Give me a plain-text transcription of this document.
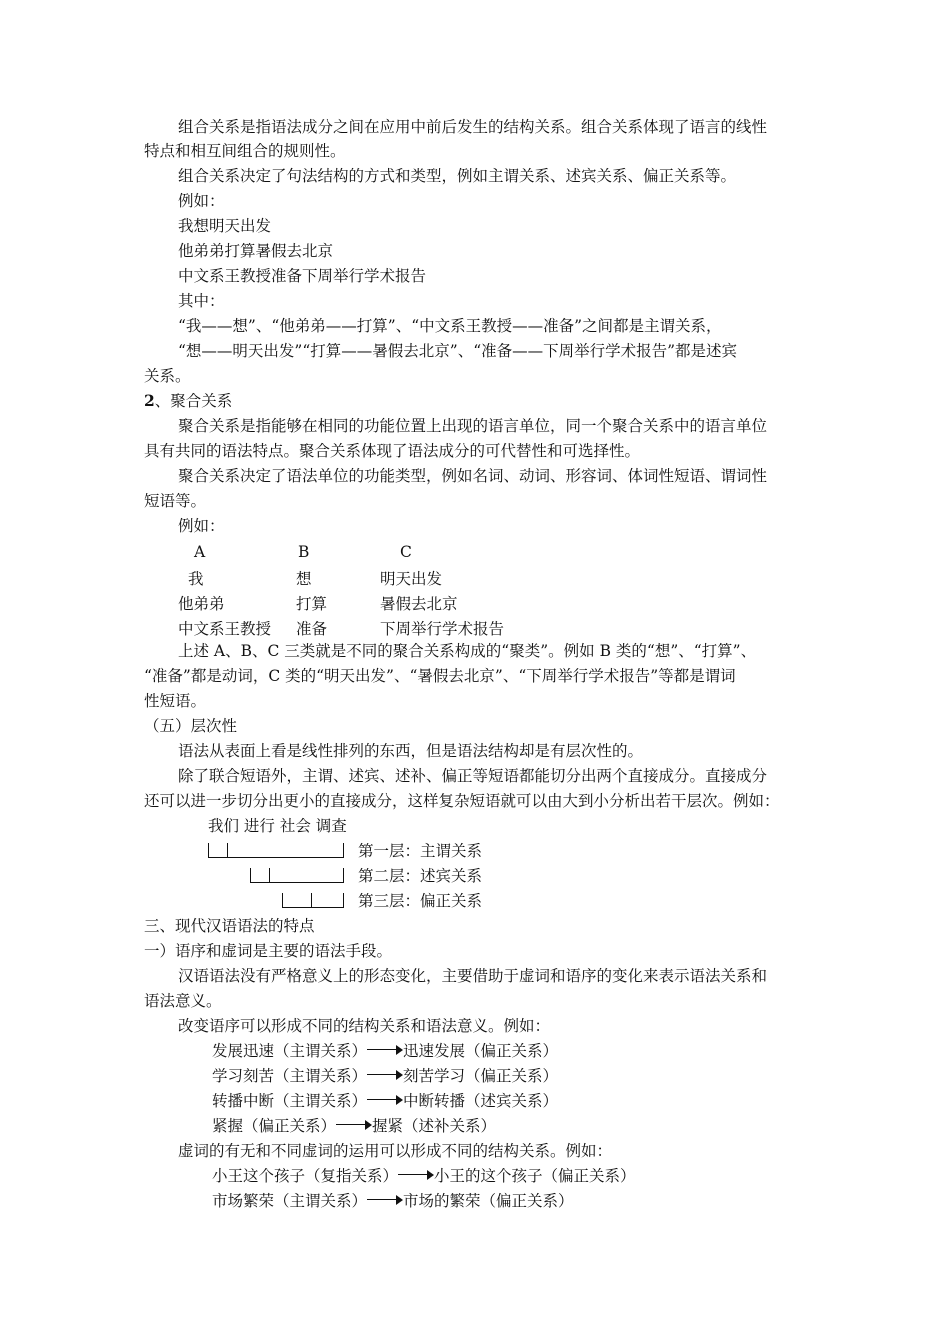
组合关系是指语法成分之间在应用中前后发生的结构关系。组合关系体现了语言的线性
特点和相互间组合的规则性。
组合关系决定了句法结构的方式和类型，例如主谓关系、述宾关系、偏正关系等。
例如：
我想明天出发
他弟弟打算暑假去北京
中文系王教授准备下周举行学术报告
其中：
“我——想”、“他弟弟——打算”、“中文系王教授——准备”之间都是主谓关系，
“想——明天出发”“打算——暑假去北京”、“准备——下周举行学术报告”都是述宾
关系。
2、聚合关系
聚合关系是指能够在相同的功能位置上出现的语言单位，同一个聚合关系中的语言单位
具有共同的语法特点。聚合关系体现了语法成分的可代替性和可选择性。
聚合关系决定了语法单位的功能类型，例如名词、动词、形容词、体词性短语、谓词性
短语等。
例如：
A	B	C
我	想	明天出发
他弟弟	打算	暑假去北京
中文系王教授 准备	下周举行学术报告
上述 A、B、C 三类就是不同的聚合关系构成的“聚类”。例如 B 类的“想”、“打算”、
“准备”都是动词，C 类的“明天出发”、“暑假去北京”、“下周举行学术报告”等都是谓词
性短语。
（五）层次性
语法从表面上看是线性排列的东西，但是语法结构却是有层次性的。
除了联合短语外，主谓、述宾、述补、偏正等短语都能切分出两个直接成分。直接成分
还可以进一步切分出更小的直接成分，这样复杂短语就可以由大到小分析出若干层次。例如：
我们 进行 社会 调查
第一层：主谓关系
第二层：述宾关系
第三层：偏正关系
三、现代汉语语法的特点
一）语序和虚词是主要的语法手段。
汉语语法没有严格意义上的形态变化，主要借助于虚词和语序的变化来表示语法关系和
语法意义。
改变语序可以形成不同的结构关系和语法意义。例如：
发展迅速（主谓关系） 迅速发展（偏正关系）
学习刻苦（主谓关系） 刻苦学习（偏正关系）
转播中断（主谓关系） 中断转播（述宾关系）
紧握（偏正关系） 握紧（述补关系）
虚词的有无和不同虚词的运用可以形成不同的结构关系。例如：
小王这个孩子（复指关系） 小王的这个孩子（偏正关系）
市场繁荣（主谓关系） 市场的繁荣（偏正关系）
